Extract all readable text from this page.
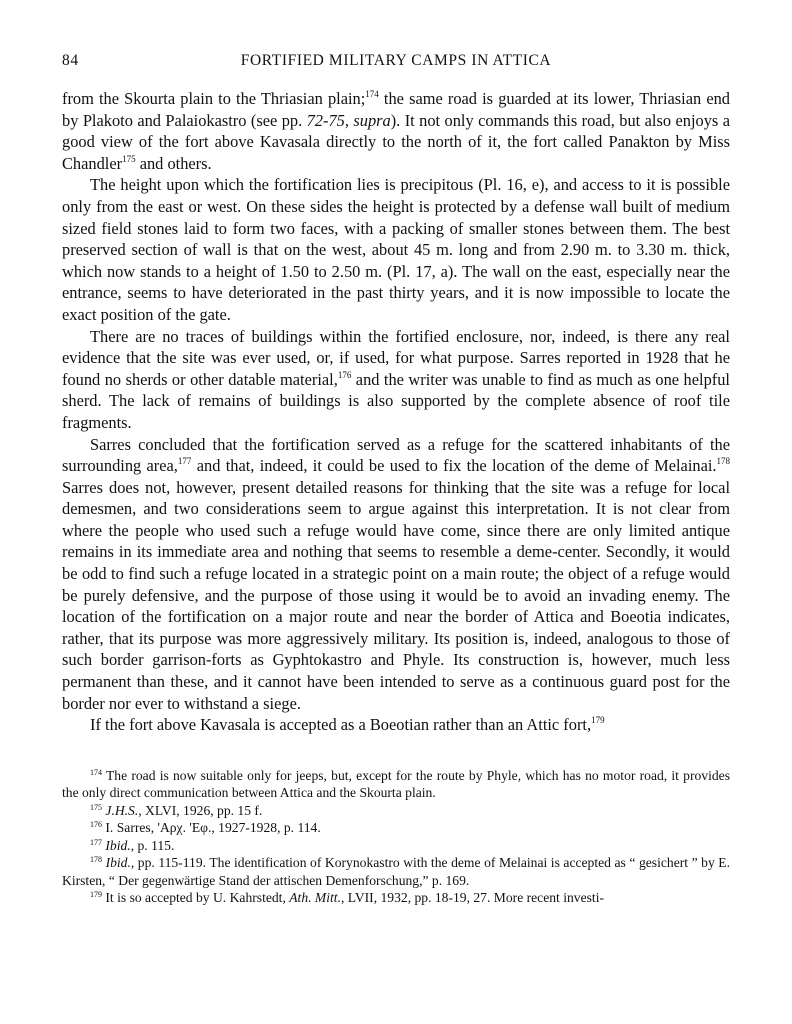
84	FORTIFIED MILITARY CAMPS IN ATTICA

from the Skourta plain to the Thriasian plain;$^{174}$ the same road is guarded at its lower, Thriasian end by Plakoto and Palaiokastro (see pp. 72-75, supra). It not only commands this road, but also enjoys a good view of the fort above Kavasala directly to the north of it, the fort called Panakton by Miss Chandler$^{175}$ and others.

The height upon which the fortification lies is precipitous (Pl. 16, e), and access to it is possible only from the east or west. On these sides the height is protected by a defense wall built of medium sized field stones laid to form two faces, with a packing of smaller stones between them. The best preserved section of wall is that on the west, about 45 m. long and from 2.90 m. to 3.30 m. thick, which now stands to a height of 1.50 to 2.50 m. (Pl. 17, a). The wall on the east, especially near the entrance, seems to have deteriorated in the past thirty years, and it is now impossible to locate the exact position of the gate.

There are no traces of buildings within the fortified enclosure, nor, indeed, is there any real evidence that the site was ever used, or, if used, for what purpose. Sarres reported in 1928 that he found no sherds or other datable material,$^{176}$ and the writer was unable to find as much as one helpful sherd. The lack of remains of buildings is also supported by the complete absence of roof tile fragments.

Sarres concluded that the fortification served as a refuge for the scattered inhabitants of the surrounding area,$^{177}$ and that, indeed, it could be used to fix the location of the deme of Melainai.$^{178}$ Sarres does not, however, present detailed reasons for thinking that the site was a refuge for local demesmen, and two considerations seem to argue against this interpretation. It is not clear from where the people who used such a refuge would have come, since there are only limited antique remains in its immediate area and nothing that seems to resemble a deme-center. Secondly, it would be odd to find such a refuge located in a strategic point on a main route; the object of a refuge would be purely defensive, and the purpose of those using it would be to avoid an invading enemy. The location of the fortification on a major route and near the border of Attica and Boeotia indicates, rather, that its purpose was more aggressively military. Its position is, indeed, analogous to those of such border garrison-forts as Gyphtokastro and Phyle. Its construction is, however, much less permanent than these, and it cannot have been intended to serve as a continuous guard post for the border nor ever to withstand a siege.

If the fort above Kavasala is accepted as a Boeotian rather than an Attic fort,$^{179}$

$^{174}$ The road is now suitable only for jeeps, but, except for the route by Phyle, which has no motor road, it provides the only direct communication between Attica and the Skourta plain.

$^{175}$ J.H.S., XLVI, 1926, pp. 15 f.

$^{176}$ I. Sarres, 'Αρχ. 'Εφ., 1927-1928, p. 114.

$^{177}$ Ibid., p. 115.

$^{178}$ Ibid., pp. 115-119. The identification of Korynokastro with the deme of Melainai is accepted as “ gesichert ” by E. Kirsten, “ Der gegenwärtige Stand der attischen Demenforschung,” p. 169.

$^{179}$ It is so accepted by U. Kahrstedt, Ath. Mitt., LVII, 1932, pp. 18-19, 27. More recent investi-
